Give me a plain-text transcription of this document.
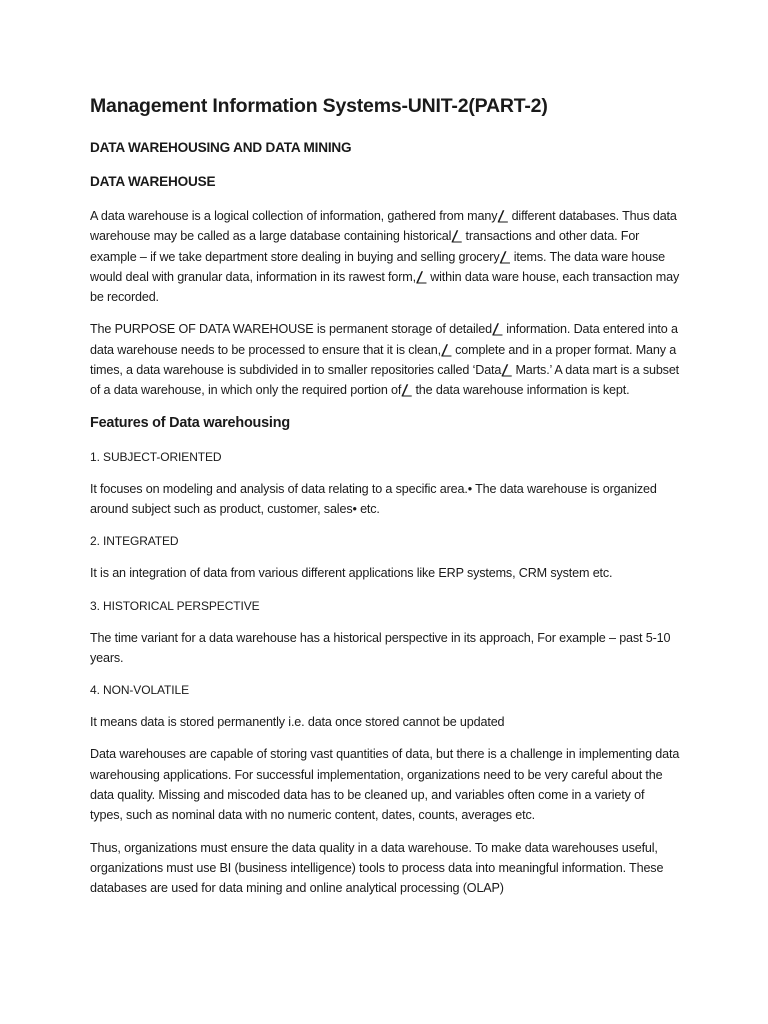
Management Information Systems-UNIT-2(PART-2)
DATA WAREHOUSING AND DATA MINING
DATA WAREHOUSE

A data warehouse is a logical collection of information, gathered from many⎳ different databases. Thus data warehouse may be called as a large database containing historical⎳ transactions and other data. For example – if we take department store dealing in buying and selling grocery⎳ items. The data ware house would deal with granular data, information in its rawest form,⎳ within data ware house, each transaction may be recorded.

The PURPOSE OF DATA WAREHOUSE is permanent storage of detailed⎳ information. Data entered into a data warehouse needs to be processed to ensure that it is clean,⎳ complete and in a proper format. Many a times, a data warehouse is subdivided in to smaller repositories called ‘Data⎳ Marts.’ A data mart is a subset of a data warehouse, in which only the required portion of⎳ the data warehouse information is kept.

Features of Data warehousing
1. SUBJECT-ORIENTED

It focuses on modeling and analysis of data relating to a specific area.• The data warehouse is organized around subject such as product, customer, sales• etc.

2. INTEGRATED

It is an integration of data from various different applications like ERP systems, CRM system etc.

3. HISTORICAL PERSPECTIVE

The time variant for a data warehouse has a historical perspective in its approach, For example – past 5-10 years.

4. NON-VOLATILE

It means data is stored permanently i.e. data once stored cannot be updated

Data warehouses are capable of storing vast quantities of data, but there is a challenge in implementing data warehousing applications. For successful implementation, organizations need to be very careful about the data quality. Missing and miscoded data has to be cleaned up, and variables often come in a variety of types, such as nominal data with no numeric content, dates, counts, averages etc.

Thus, organizations must ensure the data quality in a data warehouse. To make data warehouses useful, organizations must use BI (business intelligence) tools to process data into meaningful information. These databases are used for data mining and online analytical processing (OLAP)
